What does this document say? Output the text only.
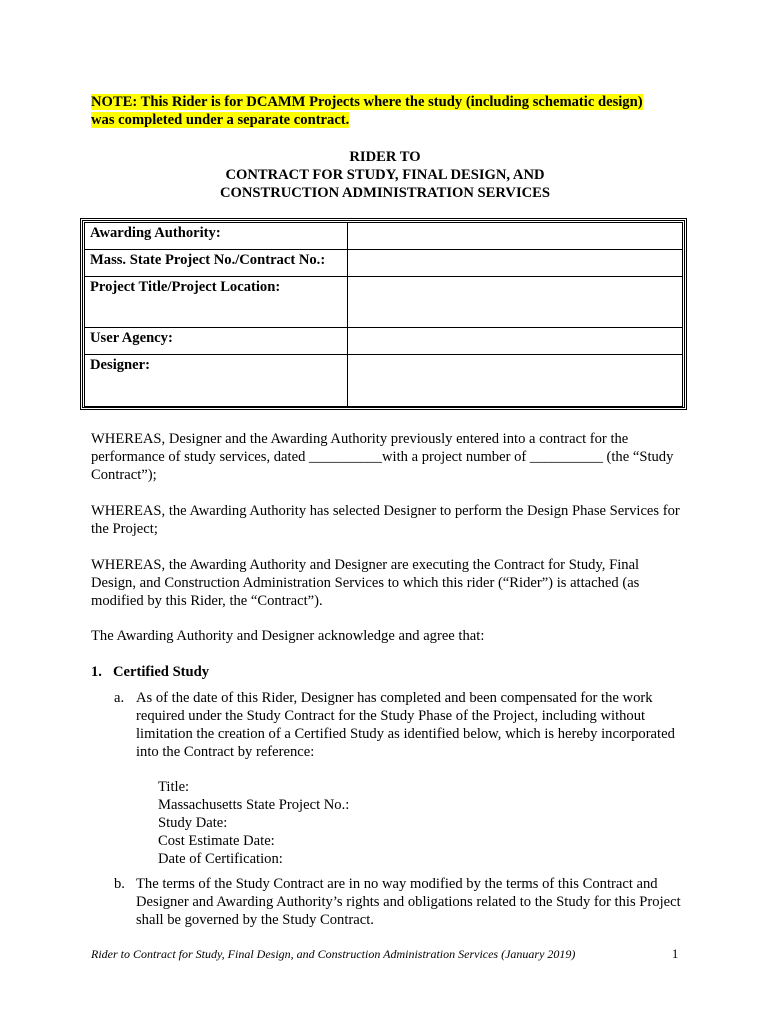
NOTE: This Rider is for DCAMM Projects where the study (including schematic design)
was completed under a separate contract.
RIDER TO
CONTRACT FOR STUDY, FINAL DESIGN, AND
CONSTRUCTION ADMINISTRATION SERVICES
Awarding Authority:	
Mass. State Project No./Contract No.:	
Project Title/Project Location:	
User Agency:	
Designer:	
WHEREAS, Designer and the Awarding Authority previously entered into a contract for the performance of study services, dated __________with a project number of __________ (the “Study Contract”);
WHEREAS, the Awarding Authority has selected Designer to perform the Design Phase Services for the Project;
WHEREAS, the Awarding Authority and Designer are executing the Contract for Study, Final Design, and Construction Administration Services to which this rider (“Rider”) is attached (as modified by this Rider, the “Contract”).
The Awarding Authority and Designer acknowledge and agree that:
1. Certified Study
a. As of the date of this Rider, Designer has completed and been compensated for the work required under the Study Contract for the Study Phase of the Project, including without limitation the creation of a Certified Study as identified below, which is hereby incorporated into the Contract by reference:
Title:
Massachusetts State Project No.:
Study Date:
Cost Estimate Date:
Date of Certification:
b. The terms of the Study Contract are in no way modified by the terms of this Contract and Designer and Awarding Authority’s rights and obligations related to the Study for this Project shall be governed by the Study Contract.
Rider to Contract for Study, Final Design, and Construction Administration Services (January 2019)	1
